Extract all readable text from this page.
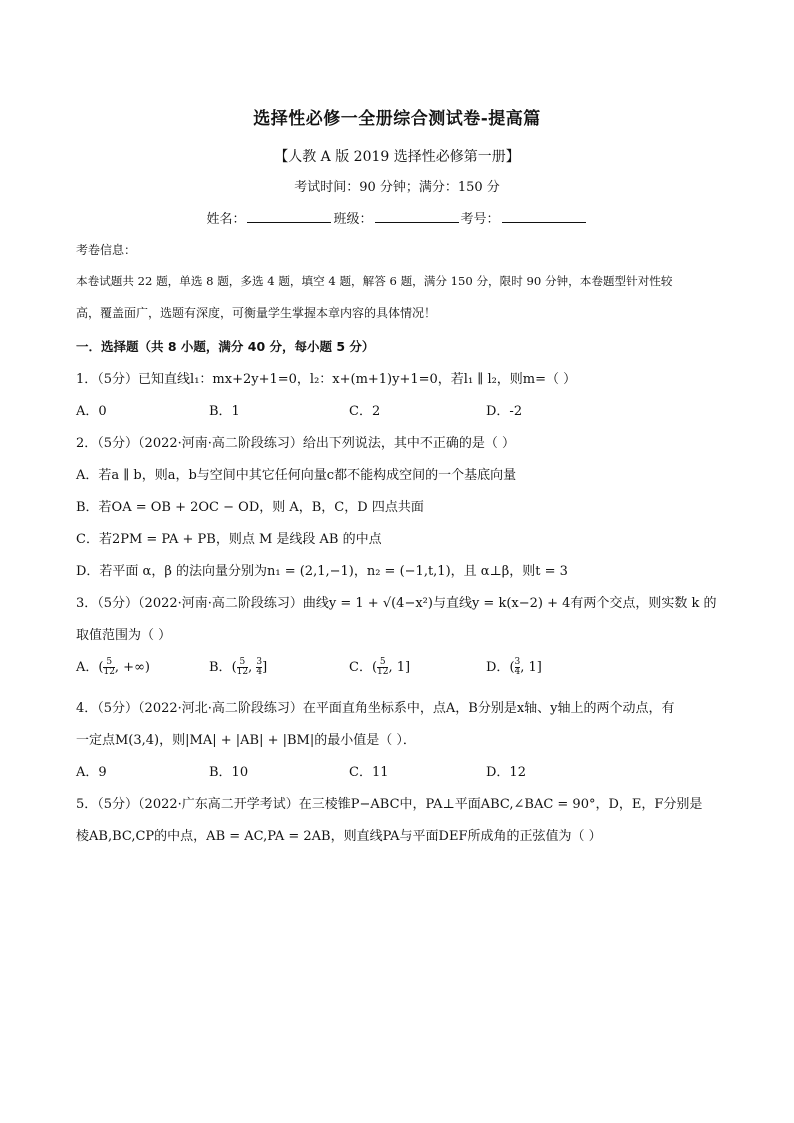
选择性必修一全册综合测试卷-提高篇
【人教 A 版 2019 选择性必修第一册】
考试时间：90 分钟；满分：150 分
姓名：	班级：	考号：
考卷信息：
本卷试题共 22 题，单选 8 题，多选 4 题，填空 4 题，解答 6 题，满分 150 分，限时 90 分钟，本卷题型针对性较
高，覆盖面广，选题有深度，可衡量学生掌握本章内容的具体情况！
一．选择题（共 8 小题，满分 40 分，每小题 5 分）
1．（5分）已知直线l₁：mx+2y+1=0，l₂：x+(m+1)y+1=0，若l₁ ∥ l₂，则m=（ ）
A．0	B．1	C．2	D．-2
2．（5分）（2022·河南·高二阶段练习）给出下列说法，其中不正确的是（ ）
A．若a ∥ b，则a，b与空间中其它任何向量c都不能构成空间的一个基底向量
B．若OA = OB + 2OC − OD，则 A，B，C，D 四点共面
C．若2PM = PA + PB，则点 M 是线段 AB 的中点
D．若平面 α，β 的法向量分别为n₁ = (2,1,−1)，n₂ = (−1,t,1)，且 α⊥β，则t = 3
3．（5分）（2022·河南·高二阶段练习）曲线y = 1 + √(4−x²)与直线y = k(x−2) + 4有两个交点，则实数 k 的
取值范围为（ ）
A．( $\frac{5}{12}$ , +∞)	B．( $\frac{5}{12}$ , $\frac{3}{4}$ ]	C．( $\frac{5}{12}$ , 1]	D．( $\frac{3}{4}$ , 1]
4．（5分）（2022·河北·高二阶段练习）在平面直角坐标系中，点A，B分别是x轴、y轴上的两个动点，有
一定点M(3,4)，则|MA| + |AB| + |BM|的最小值是（ ）．
A．9	B．10	C．11	D．12
5．（5分）（2022·广东高二开学考试）在三棱锥P−ABC中，PA⊥平面ABC,∠BAC = 90°，D，E，F分别是
棱AB,BC,CP的中点，AB = AC,PA = 2AB，则直线PA与平面DEF所成角的正弦值为（ ）
